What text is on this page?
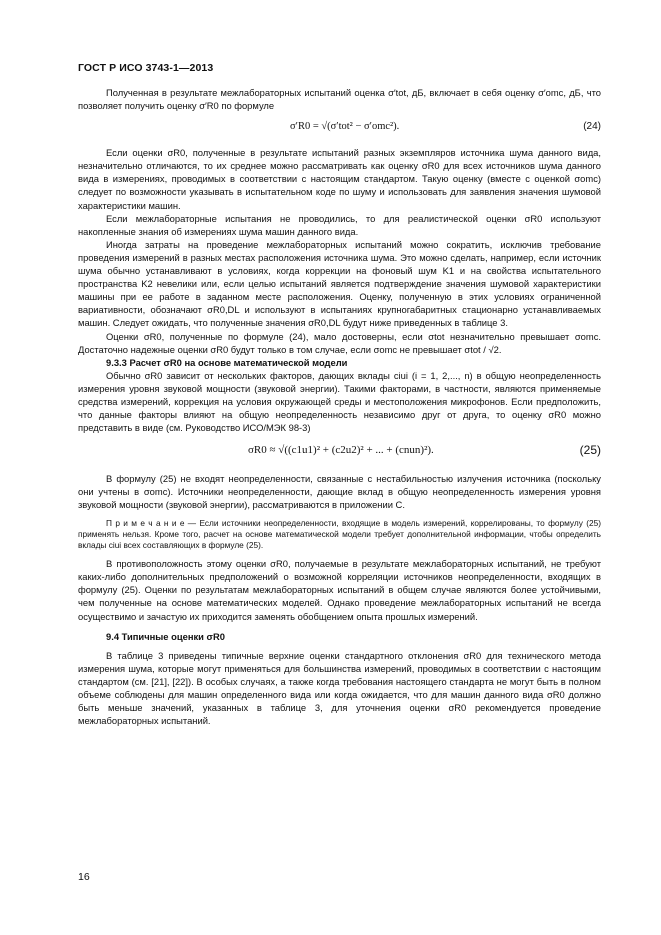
ГОСТ Р ИСО 3743-1—2013

Полученная в результате межлабораторных испытаний оценка σ′tot, дБ, включает в себя оценку σ′omc, дБ, что позволяет получить оценку σ′R0 по формуле

σ′R0 = √(σ′tot² − σ′omc²).	(24)

Если оценки σR0, полученные в результате испытаний разных экземпляров источника шума данного вида, незначительно отличаются, то их среднее можно рассматривать как оценку σR0 для всех источников шума данного вида в измерениях, проводимых в соответствии с настоящим стандартом. Такую оценку (вместе с оценкой σomc) следует по возможности указывать в испытательном коде по шуму и использовать для заявления значения шумовой характеристики машин.

Если межлабораторные испытания не проводились, то для реалистической оценки σR0 используют накопленные знания об измерениях шума машин данного вида.

Иногда затраты на проведение межлабораторных испытаний можно сократить, исключив требование проведения измерений в разных местах расположения источника шума. Это можно сделать, например, если источник шума обычно устанавливают в условиях, когда коррекции на фоновый шум K1 и на свойства испытательного пространства K2 невелики или, если целью испытаний является подтверждение значения шумовой характеристики машины при ее работе в заданном месте расположения. Оценку, полученную в этих условиях ограниченной вариативности, обозначают σR0,DL и используют в испытаниях крупногабаритных стационарно устанавливаемых машин. Следует ожидать, что полученные значения σR0,DL будут ниже приведенных в таблице 3.

Оценки σR0, полученные по формуле (24), мало достоверны, если σtot незначительно превышает σomc. Достаточно надежные оценки σR0 будут только в том случае, если σomc не превышает σtot / √2.

9.3.3 Расчет σR0 на основе математической модели

Обычно σR0 зависит от нескольких факторов, дающих вклады ciui (i = 1, 2,..., n) в общую неопределенность измерения уровня звуковой мощности (звуковой энергии). Такими факторами, в частности, являются применяемые средства измерений, коррекция на условия окружающей среды и местоположения микрофонов. Если предположить, что данные факторы влияют на общую неопределенность независимо друг от друга, то оценку σR0 можно представить в виде (см. Руководство ИСО/МЭК 98-3)

σR0 ≈ √((c1u1)² + (c2u2)² + ... + (cnun)²).	(25)

В формулу (25) не входят неопределенности, связанные с нестабильностью излучения источника (поскольку они учтены в σomc). Источники неопределенности, дающие вклад в общую неопределенность измерения уровня звуковой мощности (звуковой энергии), рассматриваются в приложении С.

П р и м е ч а н и е — Если источники неопределенности, входящие в модель измерений, коррелированы, то формулу (25) применять нельзя. Кроме того, расчет на основе математической модели требует дополнительной информации, чтобы определить вклады ciui всех составляющих в формуле (25).

В противоположность этому оценки σR0, получаемые в результате межлабораторных испытаний, не требуют каких-либо дополнительных предположений о возможной корреляции источников неопределенности, входящих в формулу (25). Оценки по результатам межлабораторных испытаний в общем случае являются более устойчивыми, чем полученные на основе математических моделей. Однако проведение межлабораторных испытаний не всегда осуществимо и зачастую их приходится заменять обобщением опыта прошлых измерений.

9.4 Типичные оценки σR0

В таблице 3 приведены типичные верхние оценки стандартного отклонения σR0 для технического метода измерения шума, которые могут применяться для большинства измерений, проводимых в соответствии с настоящим стандартом (см. [21], [22]). В особых случаях, а также когда требования настоящего стандарта не могут быть в полном объеме соблюдены для машин определенного вида или когда ожидается, что для машин данного вида σR0 должно быть меньше значений, указанных в таблице 3, для уточнения оценки σR0 рекомендуется проведение межлабораторных испытаний.

16
